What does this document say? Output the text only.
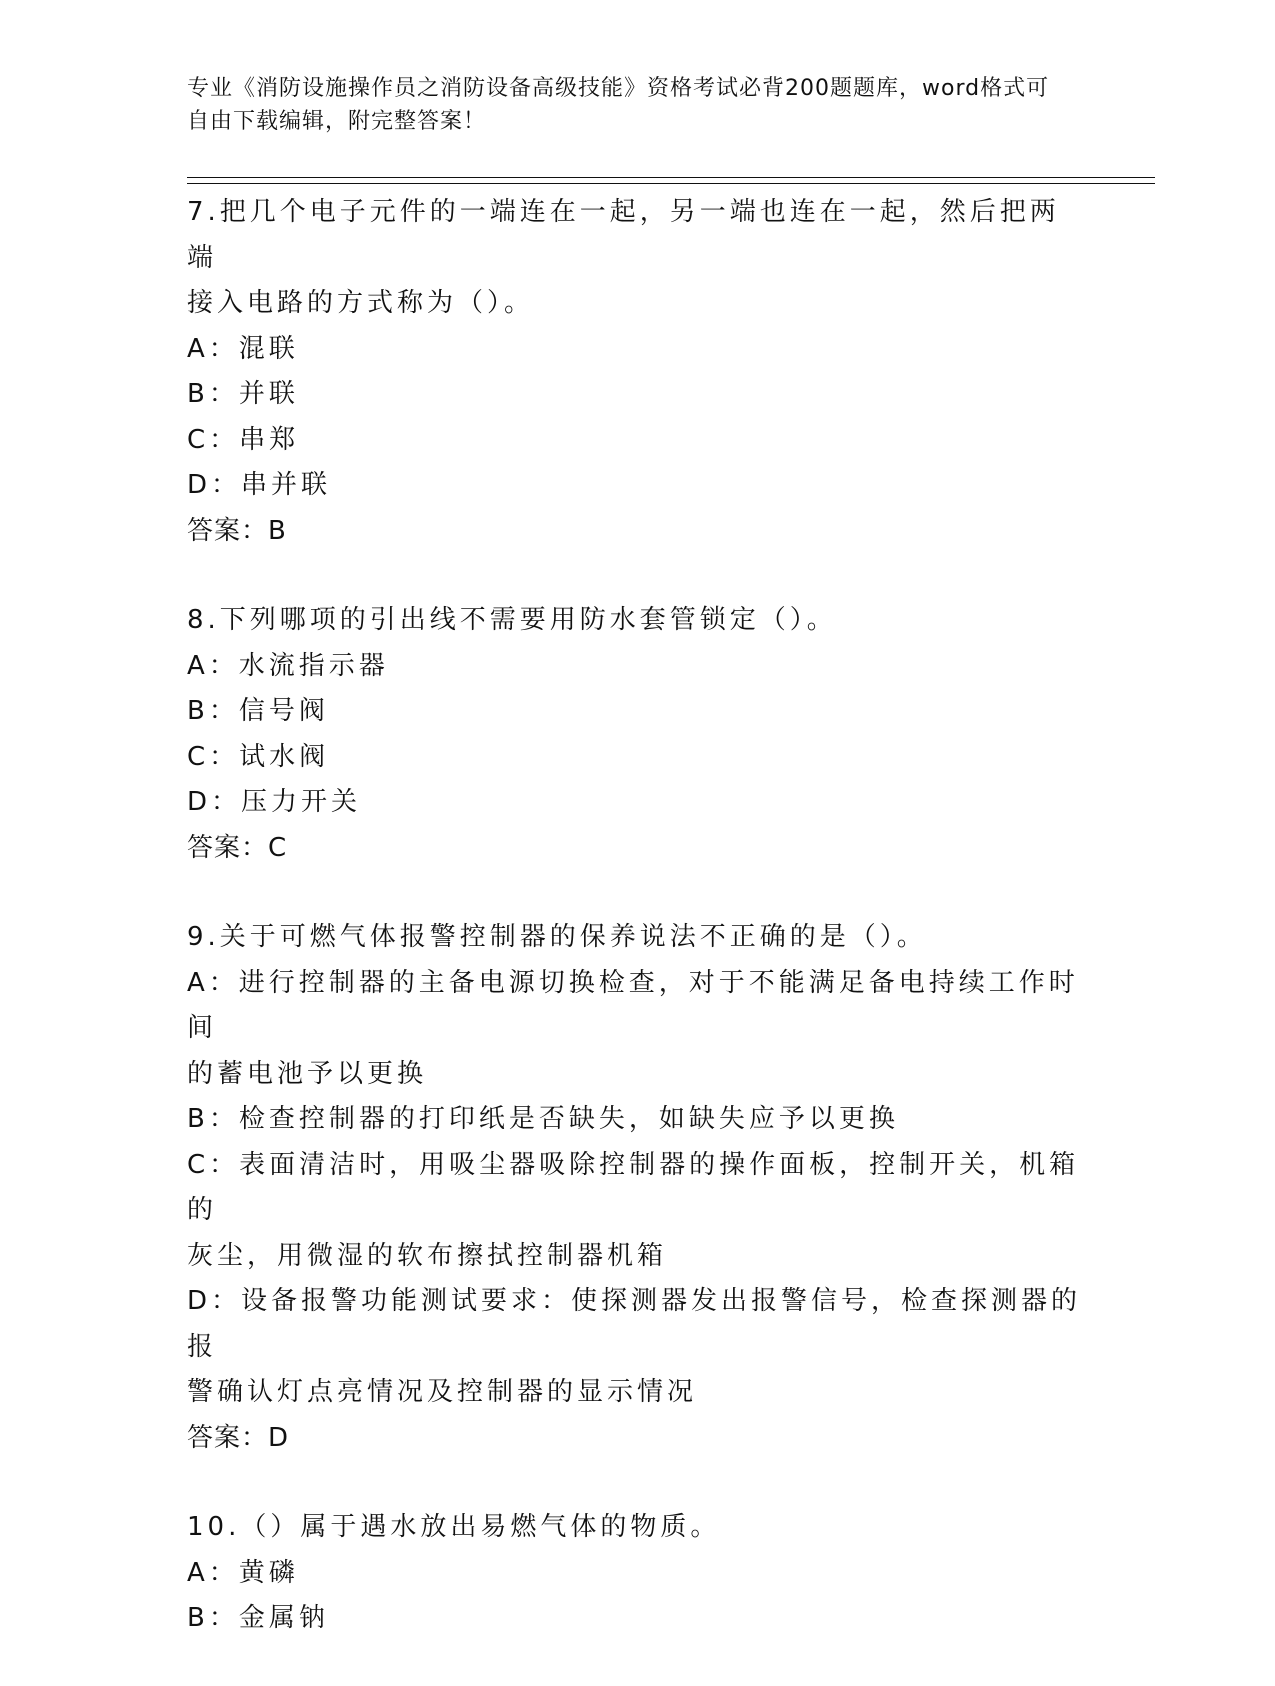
专业《消防设施操作员之消防设备高级技能》资格考试必背200题题库，word格式可自由下载编辑，附完整答案！
7.把几个电子元件的一端连在一起，另一端也连在一起，然后把两端
接入电路的方式称为（）。
A：混联
B：并联
C：串郑
D：串并联
答案：B
8.下列哪项的引出线不需要用防水套管锁定（）。
A：水流指示器
B：信号阀
C：试水阀
D：压力开关
答案：C
9.关于可燃气体报警控制器的保养说法不正确的是（）。
A：进行控制器的主备电源切换检查，对于不能满足备电持续工作时间
的蓄电池予以更换
B：检查控制器的打印纸是否缺失，如缺失应予以更换
C：表面清洁时，用吸尘器吸除控制器的操作面板，控制开关，机箱的
灰尘，用微湿的软布擦拭控制器机箱
D：设备报警功能测试要求：使探测器发出报警信号，检查探测器的报
警确认灯点亮情况及控制器的显示情况
答案：D
10.（）属于遇水放出易燃气体的物质。
A：黄磷
B：金属钠
